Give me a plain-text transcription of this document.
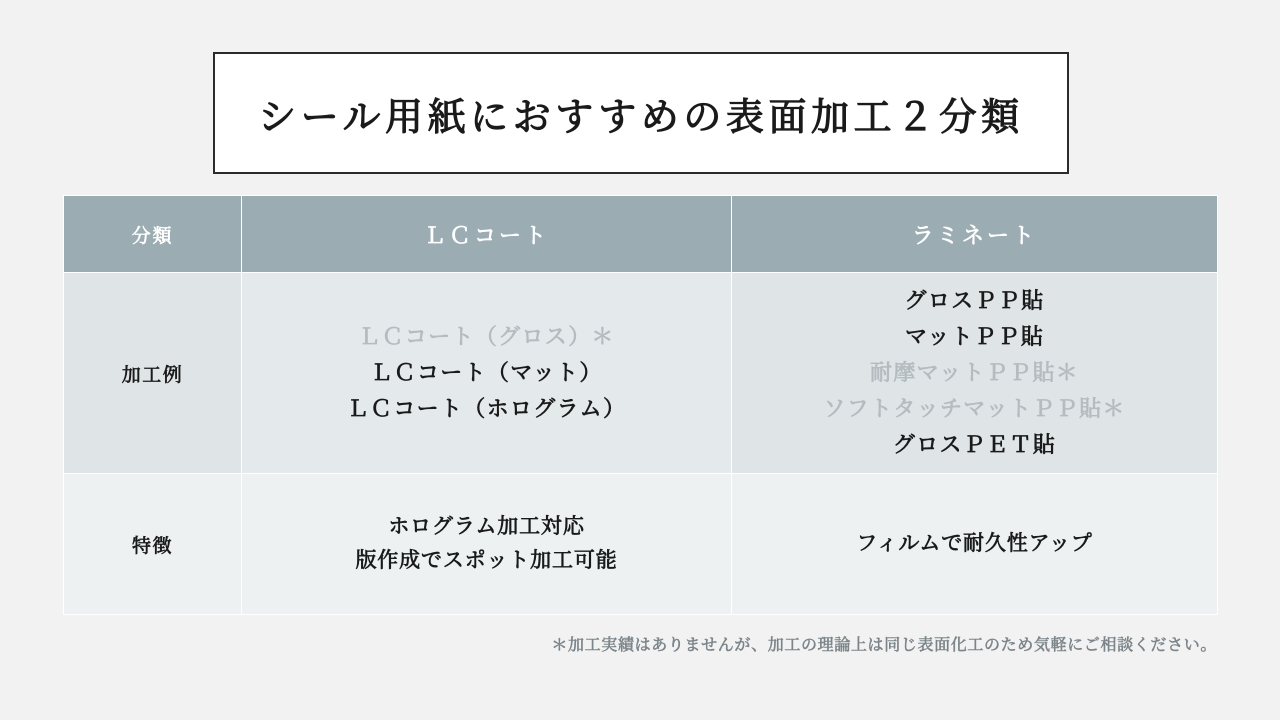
シール用紙におすすめの表面加工２分類
分類	ＬＣコート	ラミネート
加工例	
ＬＣコート（グロス）＊
ＬＣコート（マット）
ＬＣコート（ホログラム）

グロスＰＰ貼
マットＰＰ貼
耐摩マットＰＰ貼＊
ソフトタッチマットＰＰ貼＊
グロスＰＥＴ貼

特徴	ホログラム加工対応
版作成でスポット加工可能	フィルムで耐久性アップ
＊加工実績はありませんが、加工の理論上は同じ表面化工のため気軽にご相談ください。
